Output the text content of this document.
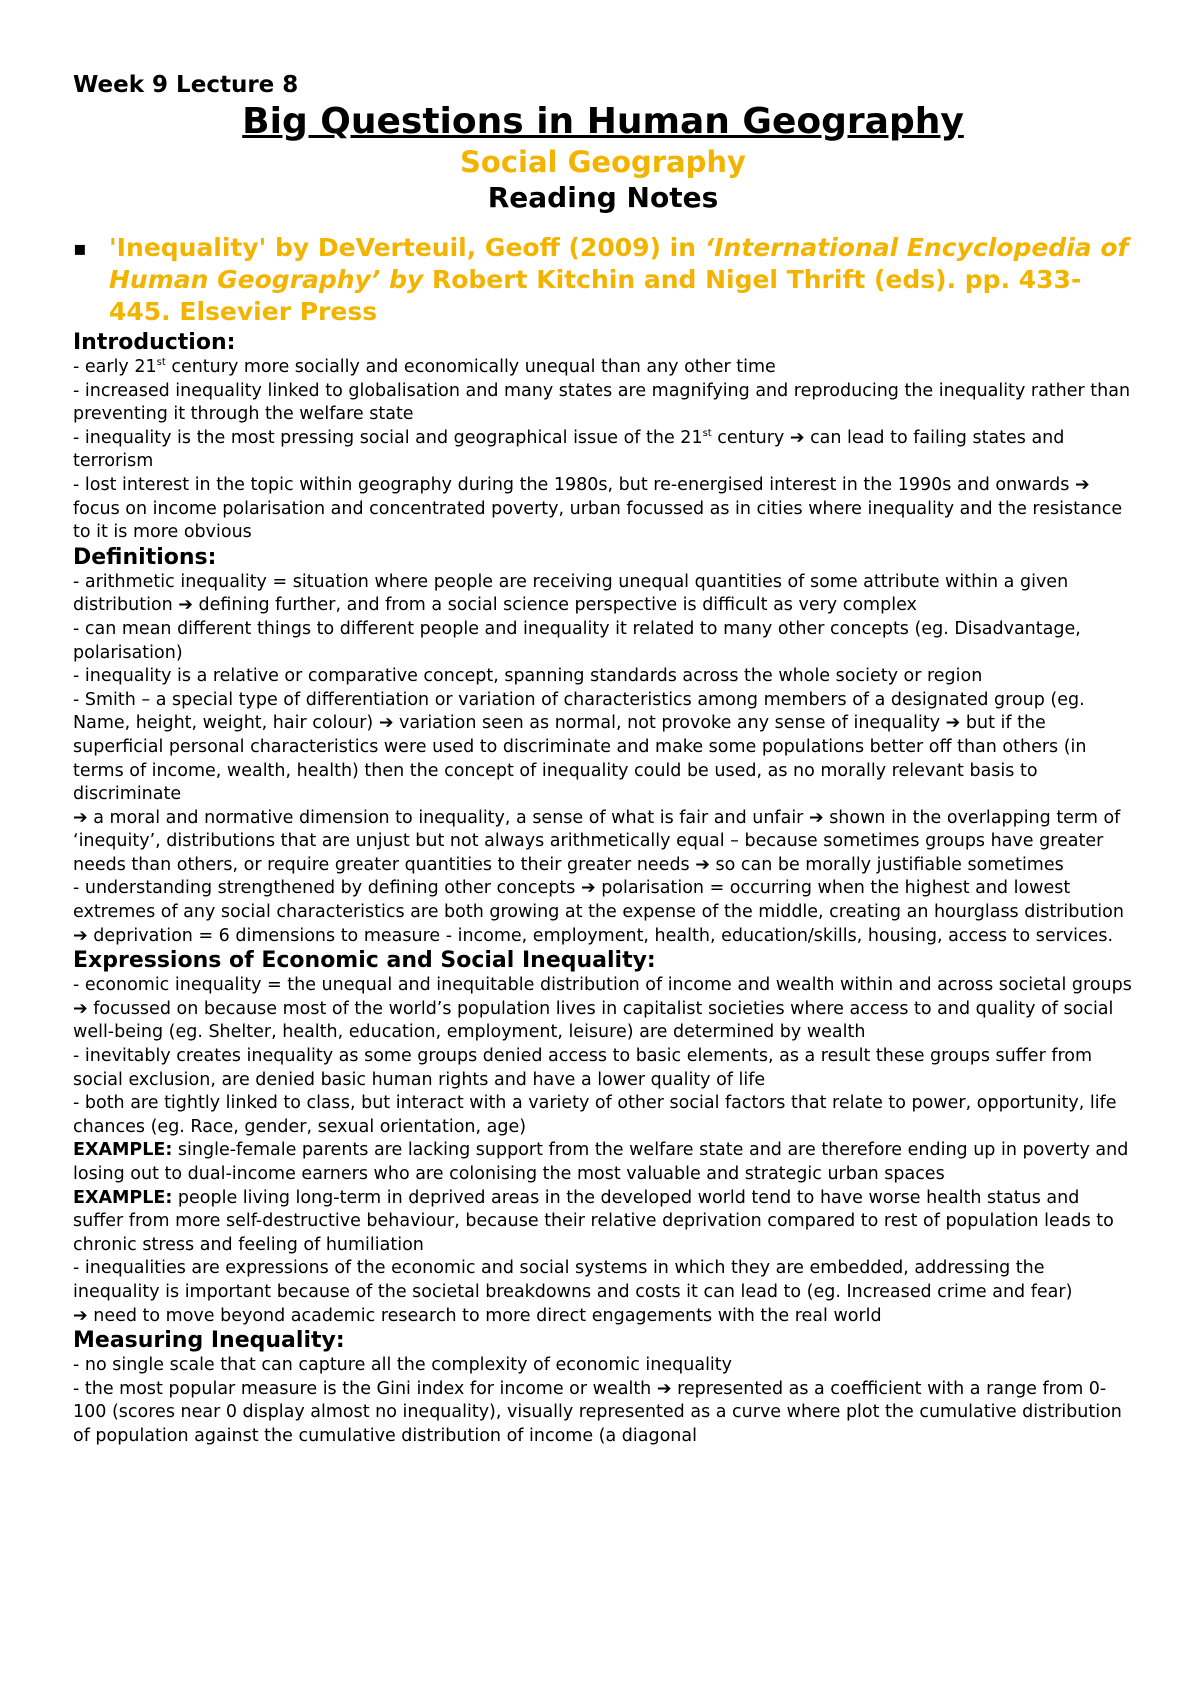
Week 9 Lecture 8
Big Questions in Human Geography
Social Geography
Reading Notes
▪ 'Inequality' by DeVerteuil, Geoff (2009) in ‘International Encyclopedia of Human Geography’ by Robert Kitchin and Nigel Thrift (eds). pp. 433-445. Elsevier Press
Introduction:

- early 21st century more socially and economically unequal than any other time

- increased inequality linked to globalisation and many states are magnifying and reproducing the inequality rather than preventing it through the welfare state

- inequality is the most pressing social and geographical issue of the 21st century ➔ can lead to failing states and terrorism

- lost interest in the topic within geography during the 1980s, but re-energised interest in the 1990s and onwards ➔ focus on income polarisation and concentrated poverty, urban focussed as in cities where inequality and the resistance to it is more obvious

Definitions:

- arithmetic inequality = situation where people are receiving unequal quantities of some attribute within a given distribution ➔ defining further, and from a social science perspective is difficult as very complex

- can mean different things to different people and inequality it related to many other concepts (eg. Disadvantage, polarisation)

- inequality is a relative or comparative concept, spanning standards across the whole society or region

- Smith – a special type of differentiation or variation of characteristics among members of a designated group (eg. Name, height, weight, hair colour) ➔ variation seen as normal, not provoke any sense of inequality ➔ but if the superficial personal characteristics were used to discriminate and make some populations better off than others (in terms of income, wealth, health) then the concept of inequality could be used, as no morally relevant basis to discriminate

➔ a moral and normative dimension to inequality, a sense of what is fair and unfair ➔ shown in the overlapping term of ‘inequity’, distributions that are unjust but not always arithmetically equal – because sometimes groups have greater needs than others, or require greater quantities to their greater needs ➔ so can be morally justifiable sometimes

- understanding strengthened by defining other concepts ➔ polarisation = occurring when the highest and lowest extremes of any social characteristics are both growing at the expense of the middle, creating an hourglass distribution ➔ deprivation = 6 dimensions to measure - income, employment, health, education/skills, housing, access to services.

Expressions of Economic and Social Inequality:

- economic inequality = the unequal and inequitable distribution of income and wealth within and across societal groups ➔ focussed on because most of the world’s population lives in capitalist societies where access to and quality of social well-being (eg. Shelter, health, education, employment, leisure) are determined by wealth

- inevitably creates inequality as some groups denied access to basic elements, as a result these groups suffer from social exclusion, are denied basic human rights and have a lower quality of life

- both are tightly linked to class, but interact with a variety of other social factors that relate to power, opportunity, life chances (eg. Race, gender, sexual orientation, age)

EXAMPLE: single-female parents are lacking support from the welfare state and are therefore ending up in poverty and losing out to dual-income earners who are colonising the most valuable and strategic urban spaces

EXAMPLE: people living long-term in deprived areas in the developed world tend to have worse health status and suffer from more self-destructive behaviour, because their relative deprivation compared to rest of population leads to chronic stress and feeling of humiliation

- inequalities are expressions of the economic and social systems in which they are embedded, addressing the inequality is important because of the societal breakdowns and costs it can lead to (eg. Increased crime and fear)

➔ need to move beyond academic research to more direct engagements with the real world

Measuring Inequality:

- no single scale that can capture all the complexity of economic inequality

- the most popular measure is the Gini index for income or wealth ➔ represented as a coefficient with a range from 0-100 (scores near 0 display almost no inequality), visually represented as a curve where plot the cumulative distribution of population against the cumulative distribution of income (a diagonal
